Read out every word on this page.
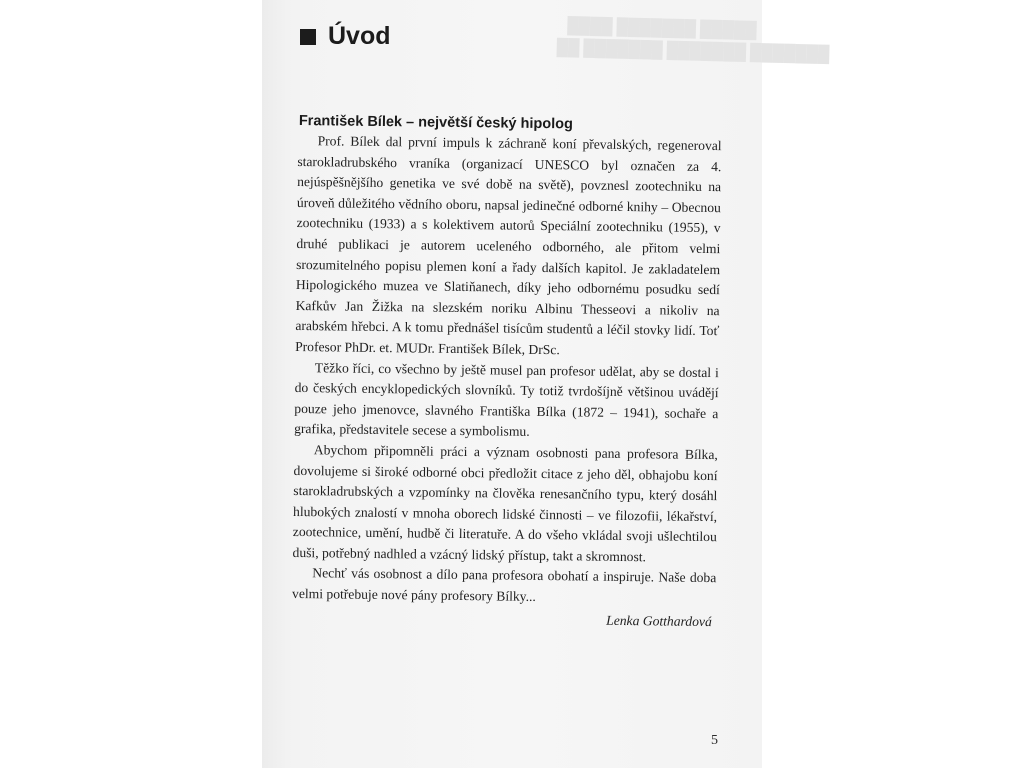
████ ███████ █████
██ ███████ ███████ ███████
Úvod
František Bílek – největší český hipolog

Prof. Bílek dal první impuls k záchraně koní převalských, regeneroval starokladrubského vraníka (organizací UNESCO byl označen za 4. nejúspěšnějšího genetika ve své době na světě), povznesl zootechniku na úroveň důležitého vědního oboru, napsal jedinečné odborné knihy – Obecnou zootechniku (1933) a s kolektivem autorů Speciální zootechniku (1955), v druhé publikaci je autorem uceleného odborného, ale přitom velmi srozumitelného popisu plemen koní a řady dalších kapitol. Je zakladatelem Hipologického muzea ve Slatiňanech, díky jeho odbornému posudku sedí Kafkův Jan Žižka na slezském noriku Albinu Thesseovi a nikoliv na arabském hřebci. A k tomu přednášel tisícům studentů a léčil stovky lidí. Toť Profesor PhDr. et. MUDr. František Bílek, DrSc.

Těžko říci, co všechno by ještě musel pan profesor udělat, aby se dostal i do českých encyklopedických slovníků. Ty totiž tvrdošíjně většinou uvádějí pouze jeho jmenovce, slavného Františka Bílka (1872 – 1941), sochaře a grafika, představitele secese a symbolismu.

Abychom připomněli práci a význam osobnosti pana profesora Bílka, dovolujeme si široké odborné obci předložit citace z jeho děl, obhajobu koní starokladrubských a vzpomínky na člověka renesančního typu, který dosáhl hlubokých znalostí v mnoha oborech lidské činnosti – ve filozofii, lékařství, zootechnice, umění, hudbě či literatuře. A do všeho vkládal svoji ušlechtilou duši, potřebný nadhled a vzácný lidský přístup, takt a skromnost.

Nechť vás osobnost a dílo pana profesora obohatí a inspiruje. Naše doba velmi potřebuje nové pány profesory Bílky...

Lenka Gotthardová
5
